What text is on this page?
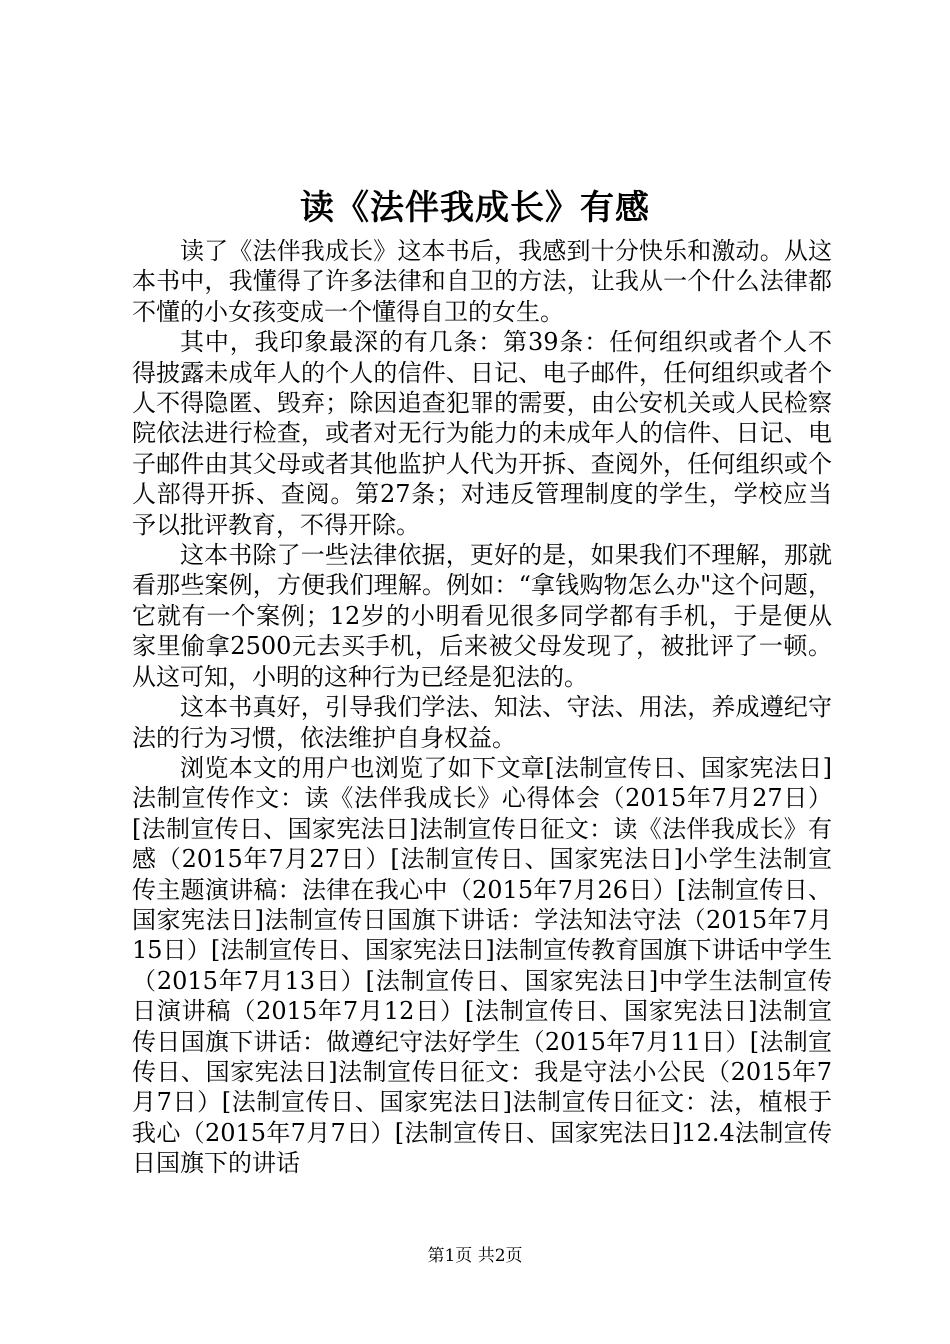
读《法伴我成长》有感

读了《法伴我成长》这本书后，我感到十分快乐和激动。从这本书中，我懂得了许多法律和自卫的方法，让我从一个什么法律都不懂的小女孩变成一个懂得自卫的女生。

其中，我印象最深的有几条：第39条：任何组织或者个人不得披露未成年人的个人的信件、日记、电子邮件，任何组织或者个人不得隐匿、毁弃；除因追查犯罪的需要，由公安机关或人民检察院依法进行检查，或者对无行为能力的未成年人的信件、日记、电子邮件由其父母或者其他监护人代为开拆、查阅外，任何组织或个人部得开拆、查阅。第27条；对违反管理制度的学生，学校应当予以批评教育，不得开除。

这本书除了一些法律依据，更好的是，如果我们不理解，那就看那些案例，方便我们理解。例如：“拿钱购物怎么办"这个问题，它就有一个案例；12岁的小明看见很多同学都有手机，于是便从家里偷拿2500元去买手机，后来被父母发现了，被批评了一顿。从这可知，小明的这种行为已经是犯法的。

这本书真好，引导我们学法、知法、守法、用法，养成遵纪守法的行为习惯，依法维护自身权益。

浏览本文的用户也浏览了如下文章[法制宣传日、国家宪法日]法制宣传作文：读《法伴我成长》心得体会（2015年7月27日）[法制宣传日、国家宪法日]法制宣传日征文：读《法伴我成长》有感（2015年7月27日）[法制宣传日、国家宪法日]小学生法制宣传主题演讲稿：法律在我心中（2015年7月26日）[法制宣传日、国家宪法日]法制宣传日国旗下讲话：学法知法守法（2015年7月15日）[法制宣传日、国家宪法日]法制宣传教育国旗下讲话中学生（2015年7月13日）[法制宣传日、国家宪法日]中学生法制宣传日演讲稿（2015年7月12日）[法制宣传日、国家宪法日]法制宣传日国旗下讲话：做遵纪守法好学生（2015年7月11日）[法制宣传日、国家宪法日]法制宣传日征文：我是守法小公民（2015年7月7日）[法制宣传日、国家宪法日]法制宣传日征文：法，植根于我心（2015年7月7日）[法制宣传日、国家宪法日]12.4法制宣传日国旗下的讲话

第1页 共2页
